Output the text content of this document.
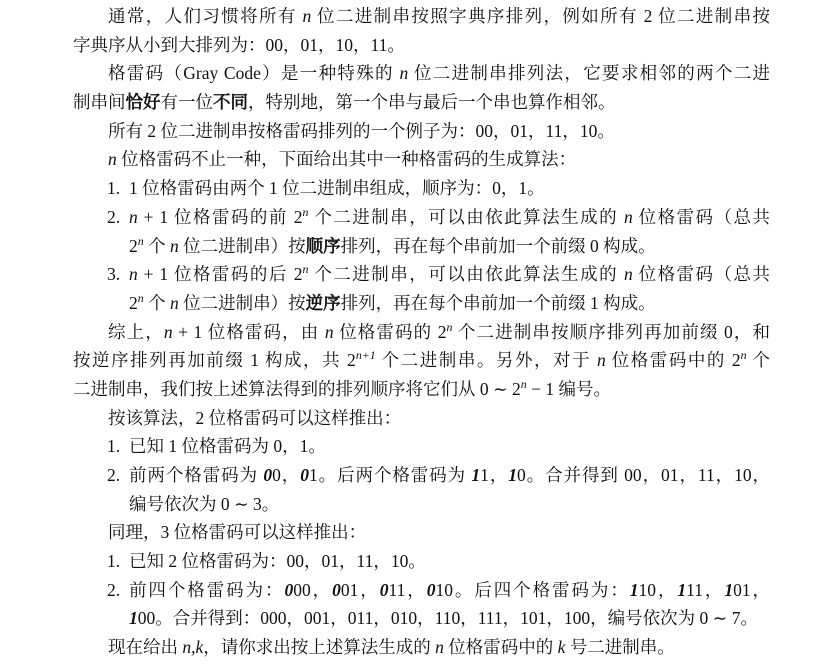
通常，人们习惯将所有 n 位二进制串按照字典序排列，例如所有 2 位二进制串按
字典序从小到大排列为：00，01，10，11。
格雷码（Gray Code）是一种特殊的 n 位二进制串排列法，它要求相邻的两个二进
制串间恰好有一位不同，特别地，第一个串与最后一个串也算作相邻。
所有 2 位二进制串按格雷码排列的一个例子为：00，01，11，10。
n 位格雷码不止一种，下面给出其中一种格雷码的生成算法：
1. 1 位格雷码由两个 1 位二进制串组成，顺序为：0，1。
2. n + 1 位格雷码的前 2$^n$ 个二进制串，可以由依此算法生成的 n 位格雷码（总共
2$^n$ 个 n 位二进制串）按顺序排列，再在每个串前加一个前缀 0 构成。
3. n + 1 位格雷码的后 2$^n$ 个二进制串，可以由依此算法生成的 n 位格雷码（总共
2$^n$ 个 n 位二进制串）按逆序排列，再在每个串前加一个前缀 1 构成。
综上，n + 1 位格雷码，由 n 位格雷码的 2$^n$ 个二进制串按顺序排列再加前缀 0，和
按逆序排列再加前缀 1 构成，共 $2^{n+1}$ 个二进制串。另外，对于 n 位格雷码中的 2$^n$ 个
二进制串，我们按上述算法得到的排列顺序将它们从 0 ∼ $2^n - 1$ 编号。
按该算法，2 位格雷码可以这样推出：
1. 已知 1 位格雷码为 0，1。
2. 前两个格雷码为 00，01。后两个格雷码为 11，10。合并得到 00，01，11，10，
编号依次为 0 ∼ 3。
同理，3 位格雷码可以这样推出：
1. 已知 2 位格雷码为：00，01，11，10。
2. 前四个格雷码为：000，001，011，010。后四个格雷码为：110，111，101，
100。合并得到：000，001，011，010，110，111，101，100，编号依次为 0 ∼ 7。
现在给出 n,k，请你求出按上述算法生成的 n 位格雷码中的 k 号二进制串。
